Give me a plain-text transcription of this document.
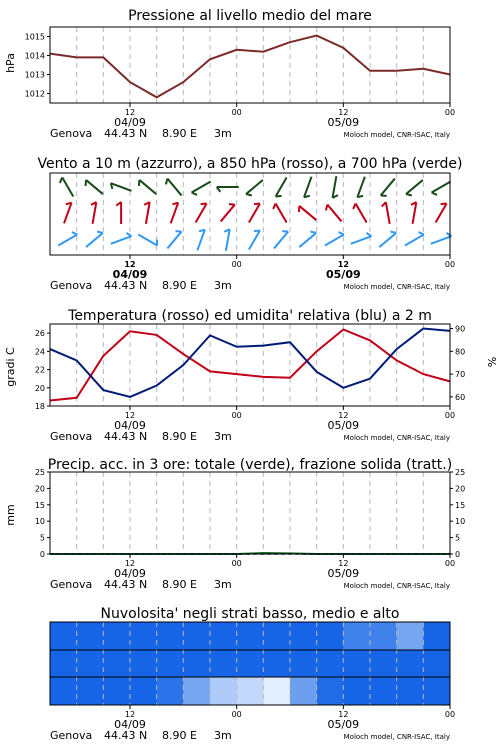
Pressione al livello medio del mare
1012
1013
1014
1015
hPa
12	00	12	00
04/09	05/09
Genova 44.43 N 8.90 E 3m	Moloch model, CNR-ISAC, Italy
Vento a 10 m (azzurro), a 850 hPa (rosso), a 700 hPa (verde)
12	00	12	00
04/09	05/09
Genova 44.43 N 8.90 E 3m	Moloch model, CNR-ISAC, Italy
Temperatura (rosso) ed umidita' relativa (blu) a 2 m
18
20
22
24
26
60
70
80
90
gradi C	%
12	00	12	00
04/09	05/09
Genova 44.43 N 8.90 E 3m	Moloch model, CNR-ISAC, Italy
Precip. acc. in 3 ore: totale (verde), frazione solida (tratt.)
0
5
10
15
20
25
0
5
10
15
20
25
mm
12	00	12	00
04/09	05/09
Genova 44.43 N 8.90 E 3m	Moloch model, CNR-ISAC, Italy
Nuvolosita' negli strati basso, medio e alto
12	00	12	00
04/09	05/09
Genova 44.43 N 8.90 E 3m	Moloch model, CNR-ISAC, Italy
